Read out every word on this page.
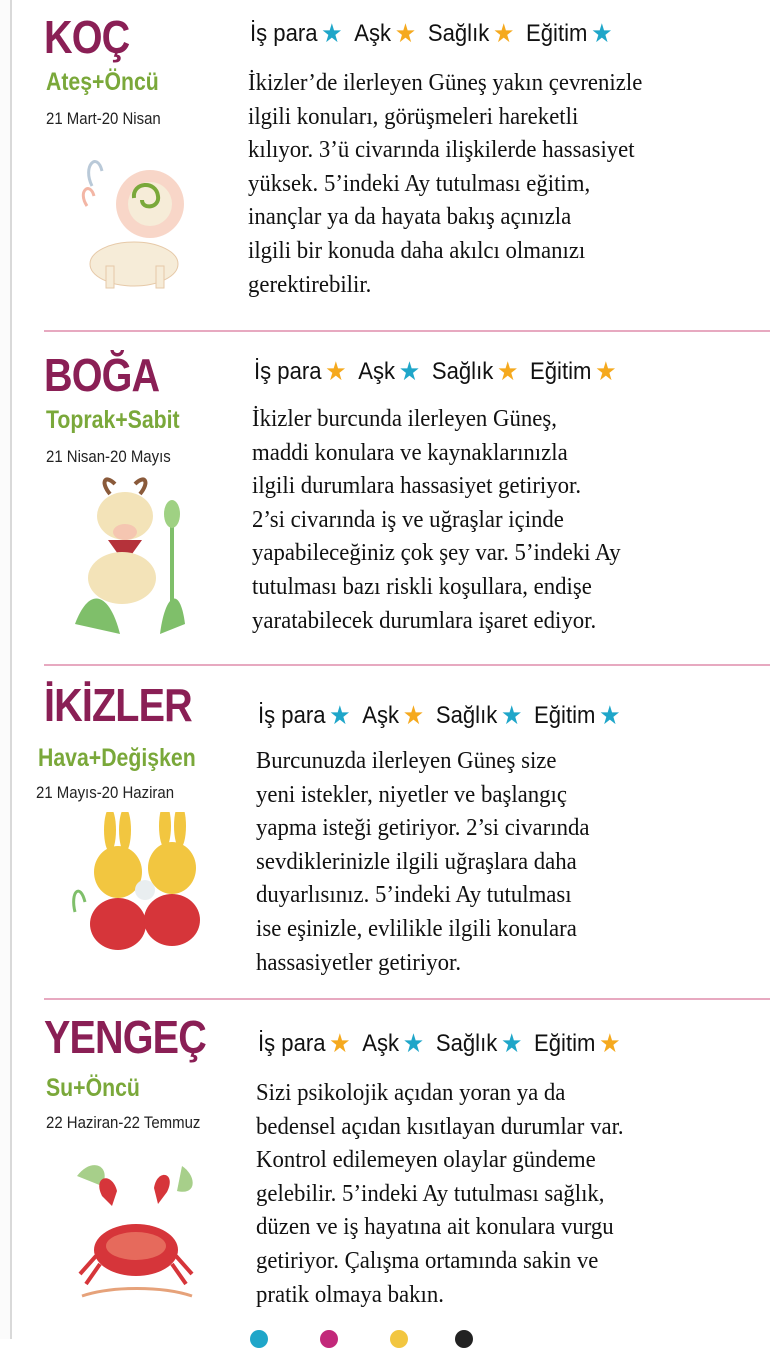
KOÇ
Ateş+Öncü
21 Mart-20 Nisan
İş para ★ Aşk ★ Sağlık ★ Eğitim ★
İkizler’de ilerleyen Güneş yakın çevrenizle
ilgili konuları, görüşmeleri hareketli
kılıyor. 3’ü civarında ilişkilerde hassasiyet
yüksek. 5’indeki Ay tutulması eğitim,
inançlar ya da hayata bakış açınızla
ilgili bir konuda daha akılcı olmanızı
gerektirebilir.
BOĞA
Toprak+Sabit
21 Nisan-20 Mayıs
İş para ★ Aşk ★ Sağlık ★ Eğitim ★
İkizler burcunda ilerleyen Güneş,
maddi konulara ve kaynaklarınızla
ilgili durumlara hassasiyet getiriyor.
2’si civarında iş ve uğraşlar içinde
yapabileceğiniz çok şey var. 5’indeki Ay
tutulması bazı riskli koşullara, endişe
yaratabilecek durumlara işaret ediyor.
İKİZLER
Hava+Değişken
21 Mayıs-20 Haziran
İş para ★ Aşk ★ Sağlık ★ Eğitim ★
Burcunuzda ilerleyen Güneş size
yeni istekler, niyetler ve başlangıç
yapma isteği getiriyor. 2’si civarında
sevdiklerinizle ilgili uğraşlara daha
duyarlısınız. 5’indeki Ay tutulması
ise eşinizle, evlilikle ilgili konulara
hassasiyetler getiriyor.
YENGEÇ
Su+Öncü
22 Haziran-22 Temmuz
İş para ★ Aşk ★ Sağlık ★ Eğitim ★
Sizi psikolojik açıdan yoran ya da
bedensel açıdan kısıtlayan durumlar var.
Kontrol edilemeyen olaylar gündeme
gelebilir. 5’indeki Ay tutulması sağlık,
düzen ve iş hayatına ait konulara vurgu
getiriyor. Çalışma ortamında sakin ve
pratik olmaya bakın.
